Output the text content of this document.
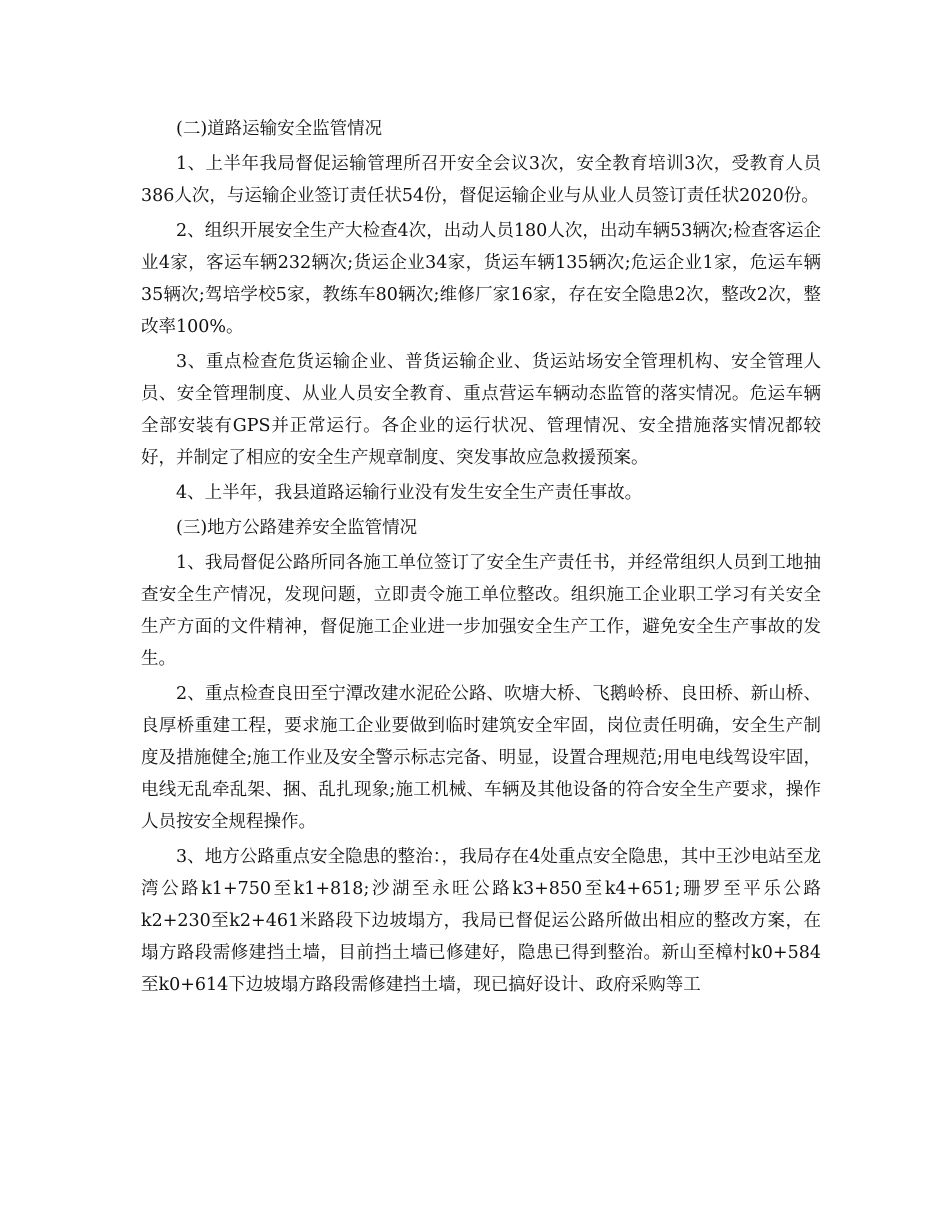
(二)道路运输安全监管情况

1、上半年我局督促运输管理所召开安全会议3次，安全教育培训3次，受教育人员386人次，与运输企业签订责任状54份，督促运输企业与从业人员签订责任状2020份。

2、组织开展安全生产大检查4次，出动人员180人次，出动车辆53辆次;检查客运企业4家，客运车辆232辆次;货运企业34家，货运车辆135辆次;危运企业1家，危运车辆35辆次;驾培学校5家，教练车80辆次;维修厂家16家，存在安全隐患2次，整改2次，整改率100%。

3、重点检查危货运输企业、普货运输企业、货运站场安全管理机构、安全管理人员、安全管理制度、从业人员安全教育、重点营运车辆动态监管的落实情况。危运车辆全部安装有GPS并正常运行。各企业的运行状况、管理情况、安全措施落实情况都较好，并制定了相应的安全生产规章制度、突发事故应急救援预案。

4、上半年，我县道路运输行业没有发生安全生产责任事故。

(三)地方公路建养安全监管情况

1、我局督促公路所同各施工单位签订了安全生产责任书，并经常组织人员到工地抽查安全生产情况，发现问题，立即责令施工单位整改。组织施工企业职工学习有关安全生产方面的文件精神，督促施工企业进一步加强安全生产工作，避免安全生产事故的发生。

2、重点检查良田至宁潭改建水泥砼公路、吹塘大桥、飞鹅岭桥、良田桥、新山桥、良厚桥重建工程，要求施工企业要做到临时建筑安全牢固，岗位责任明确，安全生产制度及措施健全;施工作业及安全警示标志完备、明显，设置合理规范;用电电线驾设牢固，电线无乱牵乱架、捆、乱扎现象;施工机械、车辆及其他设备的符合安全生产要求，操作人员按安全规程操作。

3、地方公路重点安全隐患的整治：，我局存在4处重点安全隐患，其中王沙电站至龙湾公路k1+750至k1+818;沙湖至永旺公路k3+850至k4+651;珊罗至平乐公路k2+230至k2+461米路段下边坡塌方，我局已督促运公路所做出相应的整改方案，在塌方路段需修建挡土墙，目前挡土墙已修建好，隐患已得到整治。新山至樟村k0+584至k0+614下边坡塌方路段需修建挡土墙，现已搞好设计、政府采购等工
